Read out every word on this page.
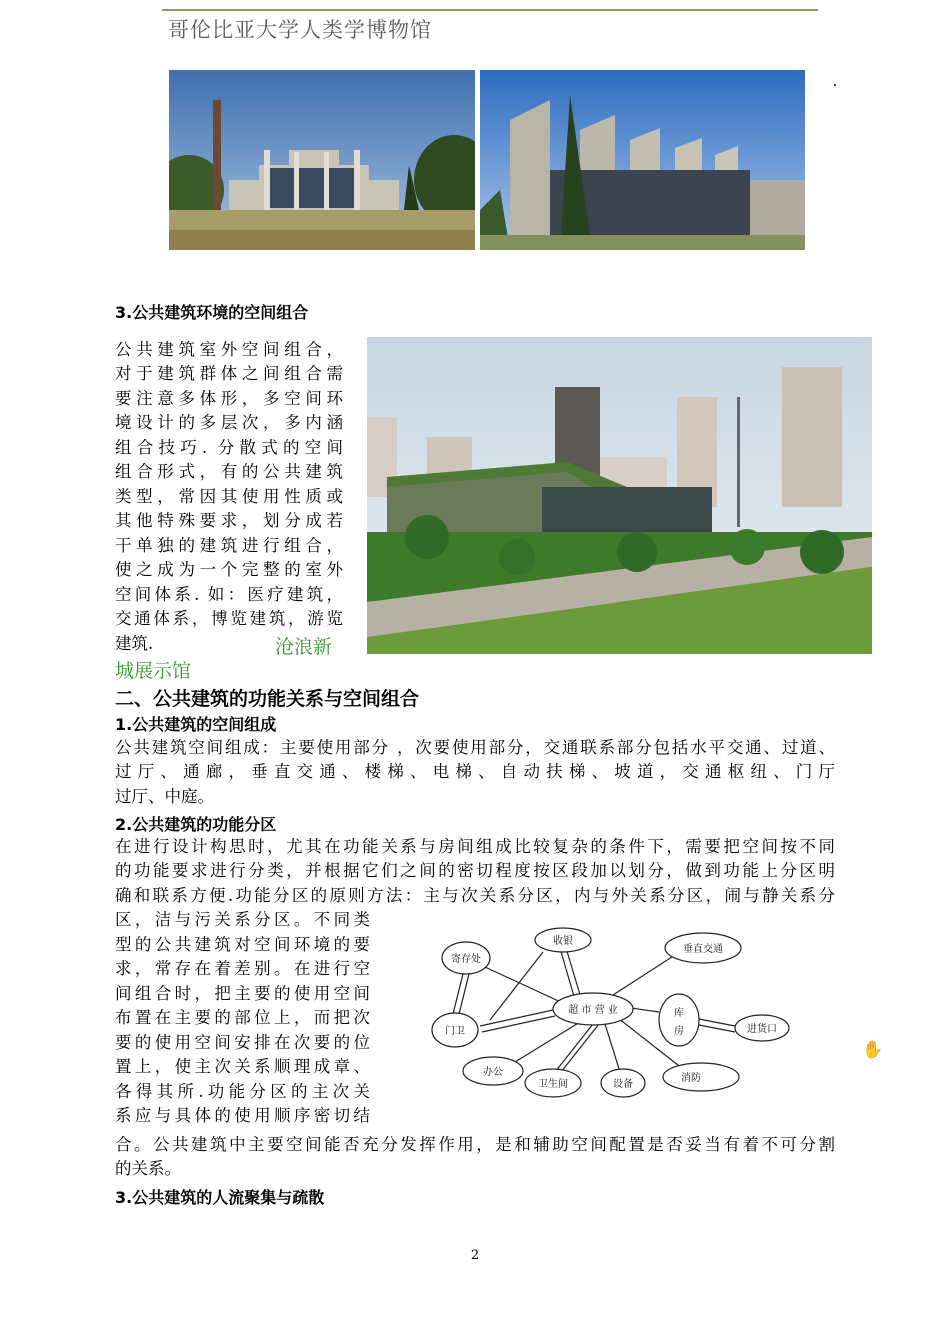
哥伦比亚大学人类学博物馆
3.公共建筑环境的空间组合
公共建筑室外空间组合，
对于建筑群体之间组合需
要注意多体形，多空间环
境设计的多层次，多内涵
组合技巧. 分散式的空间
组合形式，有的公共建筑
类型，常因其使用性质或
其他特殊要求，划分成若
干单独的建筑进行组合，
使之成为一个完整的室外
空间体系. 如：医疗建筑，
交通体系，博览建筑，游览
建筑.	沧浪新
城展示馆
二、公共建筑的功能关系与空间组合
1.公共建筑的空间组成
公共建筑空间组成：主要使用部分 ，次要使用部分，交通联系部分包括水平交通、过道、
过厅、通廊，垂直交通、楼梯、电梯、自动扶梯、坡道，交通枢纽、门厅
过厅、中庭。
2.公共建筑的功能分区
在进行设计构思时，尤其在功能关系与房间组成比较复杂的条件下，需要把空间按不同
的功能要求进行分类，并根据它们之间的密切程度按区段加以划分，做到功能上分区明
确和联系方便.功能分区的原则方法：主与次关系分区，内与外关系分区，闹与静关系分
区，洁与污关系分区。不同类
型的公共建筑对空间环境的要
求，常存在着差别。在进行空
间组合时，把主要的使用空间
布置在主要的部位上，而把次
要的使用空间安排在次要的位
置上，使主次关系顺理成章、
各得其所.功能分区的主次关
系应与具体的使用顺序密切结
合。公共建筑中主要空间能否充分发挥作用，是和辅助空间配置是否妥当有着不可分割
的关系。
3.公共建筑的人流聚集与疏散
超 市 营 业
寄存处
收银
垂直交通
库
房	进货口
门卫
办公
卫生间	设备
消防
✋
2
